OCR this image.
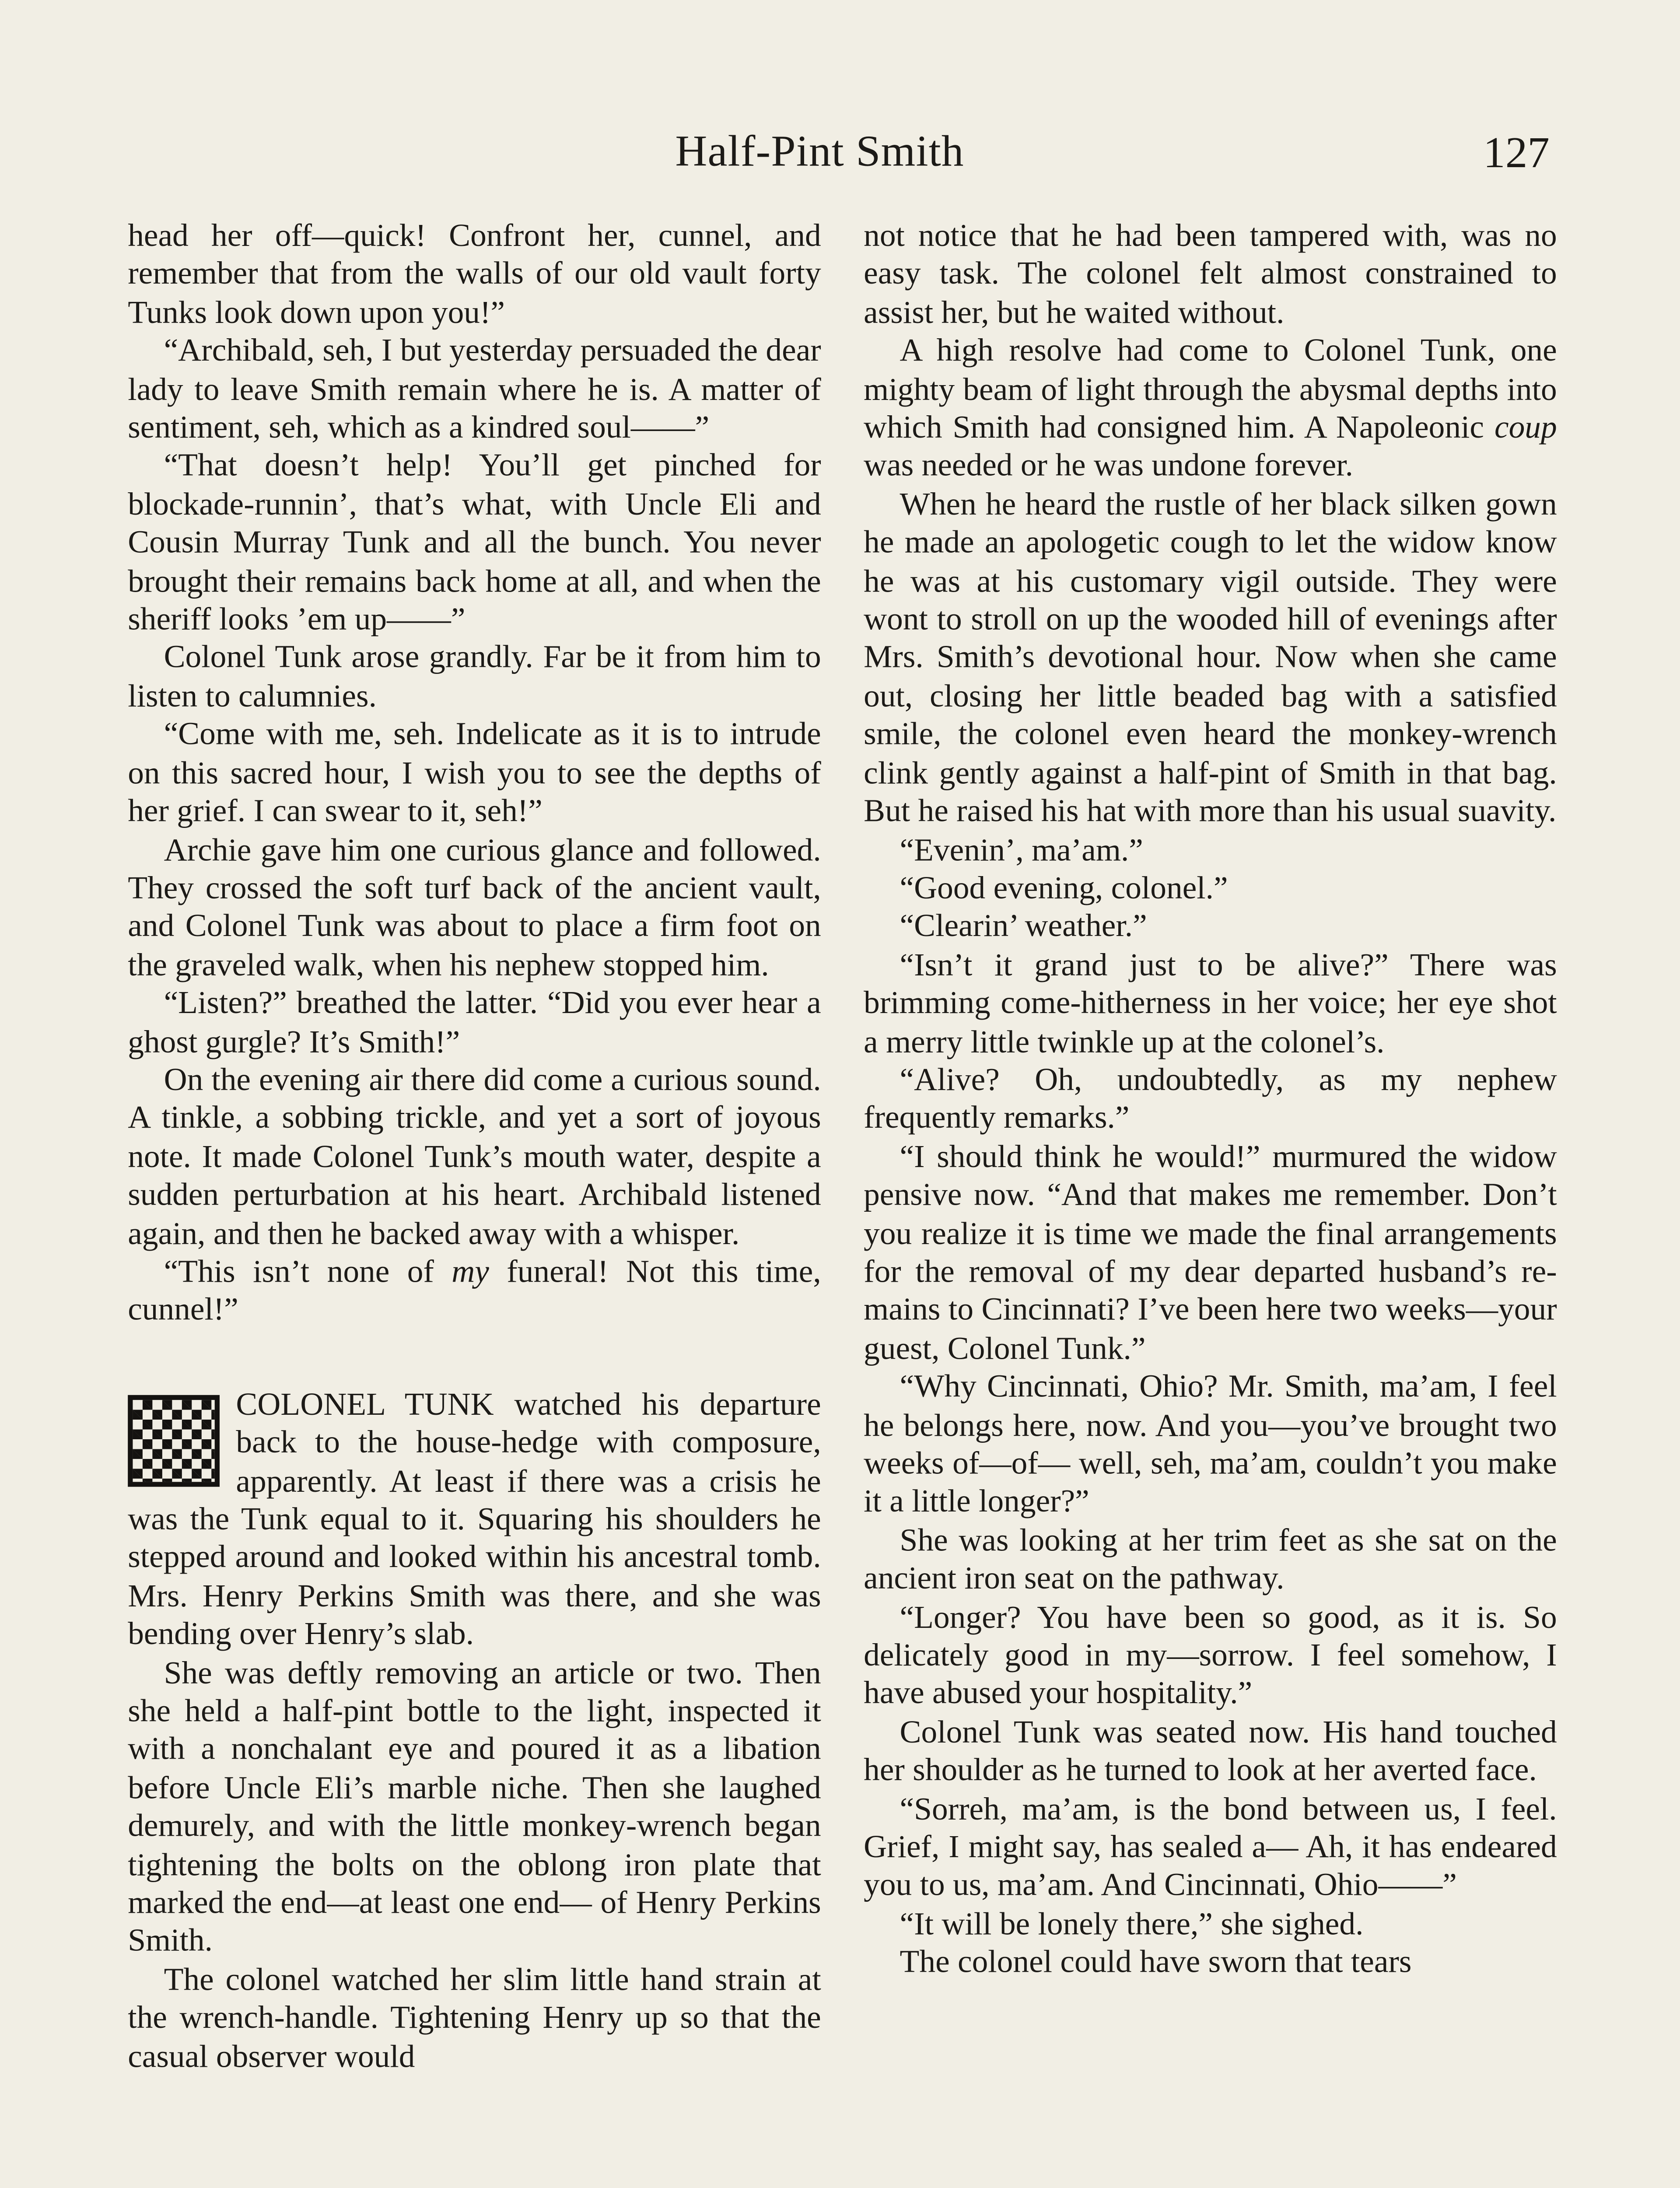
Half-Pint Smith	127

head her off—quick! Confront her, cunnel, and remember that from the walls of our old vault forty Tunks look down upon you!”

“Archibald, seh, I but yesterday persuaded the dear lady to leave Smith remain where he is. A matter of sentiment, seh, which as a kindred soul——”

“That doesn’t help! You’ll get pinched for blockade-runnin’, that’s what, with Uncle Eli and Cousin Murray Tunk and all the bunch. You never brought their remains back home at all, and when the sheriff looks ’em up——”

Colonel Tunk arose grandly. Far be it from him to listen to calumnies.

“Come with me, seh. Indelicate as it is to intrude on this sacred hour, I wish you to see the depths of her grief. I can swear to it, seh!”

Archie gave him one curious glance and followed. They crossed the soft turf back of the ancient vault, and Colonel Tunk was about to place a firm foot on the graveled walk, when his nephew stopped him.

“Listen?” breathed the latter. “Did you ever hear a ghost gurgle? It’s Smith!”

On the evening air there did come a curious sound. A tinkle, a sobbing trickle, and yet a sort of joyous note. It made Colonel Tunk’s mouth water, despite a sudden perturbation at his heart. Archibald listened again, and then he backed away with a whisper.

“This isn’t none of my funeral! Not this time, cunnel!”

COLONEL TUNK watched his departure back to the house-hedge with composure, apparently. At least if there was a crisis he was the Tunk equal to it. Squaring his shoulders he stepped around and looked within his ancestral tomb. Mrs. Henry Perkins Smith was there, and she was bending over Henry’s slab.

She was deftly removing an article or two. Then she held a half-pint bottle to the light, inspected it with a nonchalant eye and poured it as a libation before Uncle Eli’s marble niche. Then she laughed demurely, and with the little monkey-wrench began tightening the bolts on the oblong iron plate that marked the end—at least one end— of Henry Perkins Smith.

The colonel watched her slim little hand strain at the wrench-handle. Tightening Henry up so that the casual observer would

not notice that he had been tampered with, was no easy task. The colonel felt almost constrained to assist her, but he waited without.

A high resolve had come to Colonel Tunk, one mighty beam of light through the abysmal depths into which Smith had consigned him. A Napoleonic coup was needed or he was undone forever.

When he heard the rustle of her black silken gown he made an apologetic cough to let the widow know he was at his customary vigil outside. They were wont to stroll on up the wooded hill of evenings after Mrs. Smith’s devotional hour. Now when she came out, closing her little beaded bag with a satisfied smile, the colonel even heard the monkey-wrench clink gently against a half-pint of Smith in that bag. But he raised his hat with more than his usual suavity.

“Evenin’, ma’am.”

“Good evening, colonel.”

“Clearin’ weather.”

“Isn’t it grand just to be alive?” There was brimming come-hitherness in her voice; her eye shot a merry little twinkle up at the colonel’s.

“Alive? Oh, undoubtedly, as my nephew frequently remarks.”

“I should think he would!” murmured the widow pensive now. “And that makes me remember. Don’t you realize it is time we made the final arrangements for the removal of my dear departed husband’s remains to Cincinnati? I’ve been here two weeks—your guest, Colonel Tunk.”

“Why Cincinnati, Ohio? Mr. Smith, ma’am, I feel he belongs here, now. And you—you’ve brought two weeks of—of— well, seh, ma’am, couldn’t you make it a little longer?”

She was looking at her trim feet as she sat on the ancient iron seat on the pathway.

“Longer? You have been so good, as it is. So delicately good in my—sorrow. I feel somehow, I have abused your hospitality.”

Colonel Tunk was seated now. His hand touched her shoulder as he turned to look at her averted face.

“Sorreh, ma’am, is the bond between us, I feel. Grief, I might say, has sealed a— Ah, it has endeared you to us, ma’am. And Cincinnati, Ohio——”

“It will be lonely there,” she sighed.

The colonel could have sworn that tears
